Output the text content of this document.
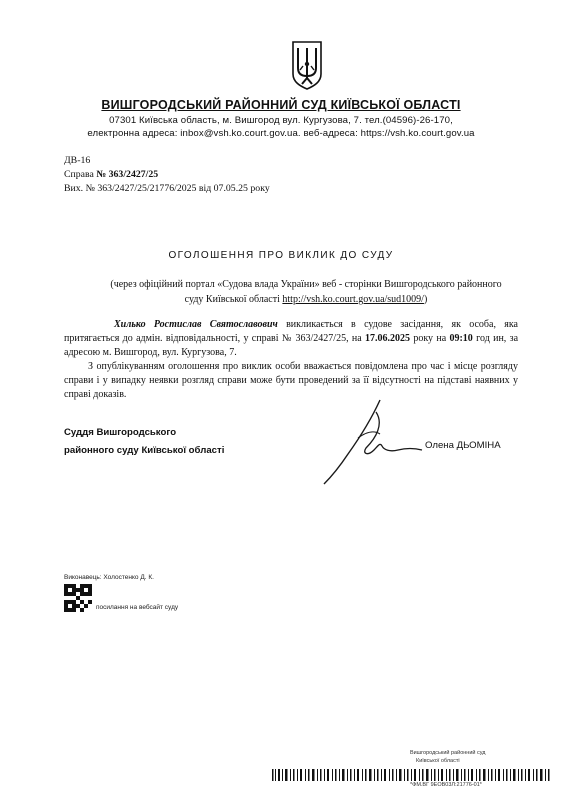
ВИШГОРОДСЬКИЙ РАЙОННИЙ СУД КИЇВСЬКОЇ ОБЛАСТІ
07301 Київська область, м. Вишгород вул. Кургузова, 7. тел.(04596)-26-170,
електронна адреса: inbox@vsh.ko.court.gov.ua. веб-адреса: https://vsh.ko.court.gov.ua
ДВ-16
Справа № 363/2427/25
Вих. № 363/2427/25/21776/2025 від 07.05.25 року
ОГОЛОШЕННЯ ПРО ВИКЛИК ДО СУДУ
(через офіційний портал «Судова влада України» веб - сторінки Вишгородського районного
суду Київської області http://vsh.ko.court.gov.ua/sud1009/)
Хилько Ростислав Святославович викликається в судове засідання, як особа, яка притягається до адмін. відповідальності, у справі № 363/2427/25, на 17.06.2025 року на 09:10 год ин, за адресою м. Вишгород, вул. Кургузова, 7.
З опублікуванням оголошення про виклик особи вважається повідомлена про час і місце розгляду справи і у випадку неявки розгляд справи може бути проведений за її відсутності на підставі наявних у справі доказів.
Суддя Вишгородського
районного суду Київської області	Олена ДЬОМІНА
Виконавець: Холостенко Д. К.
посилання на вебсайт суду
Вишгородський районний суд
Київської області
*ФМ.ВГ 9ЕОВ03Л:21776-01*
